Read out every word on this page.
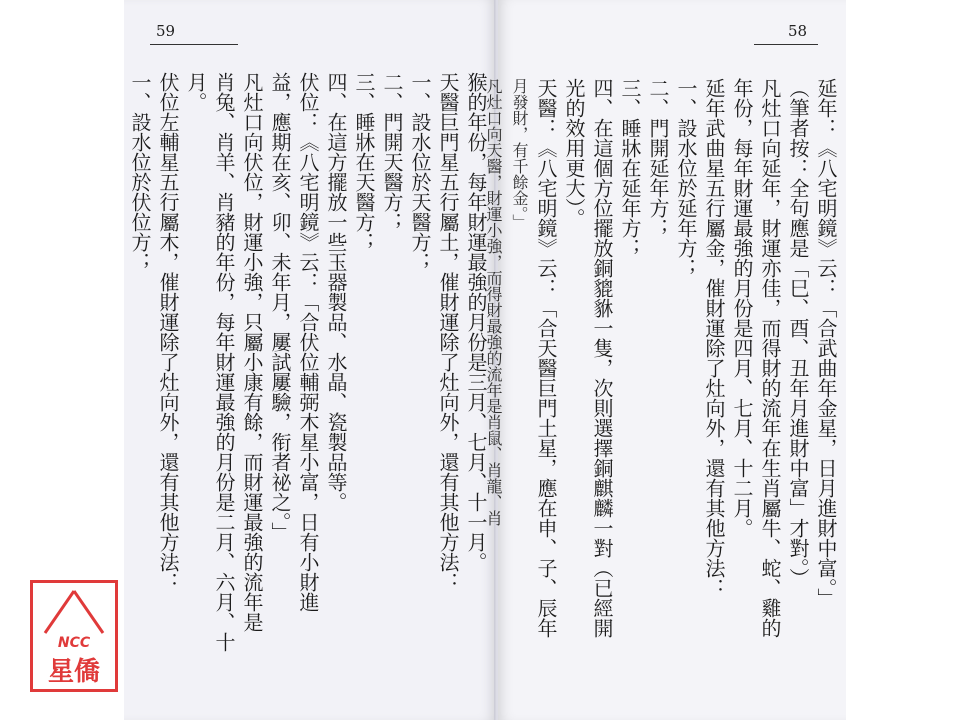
59
猴的年份，每年財運最強的月份是三月、七月、十一月。
天醫巨門星五行屬土，催財運除了灶向外，還有其他方法：
一、設水位於天醫方；
二、門開天醫方；
三、睡牀在天醫方；
四、在這方擺放一些玉器製品、水晶、瓷製品等。
伏位：《八宅明鏡》云：「合伏位輔弼木星小富，日有小財進
益，應期在亥、卯、未年月，屢試屢驗，衔者祕之。」
凡灶口向伏位，財運小強，只屬小康有餘，而財運最強的流年是
肖兔、肖羊、肖豬的年份，每年財運最強的月份是二月、六月、十
月。
伏位左輔星五行屬木，催財運除了灶向外，還有其他方法：
一、設水位於伏位方；
58
延年：《八宅明鏡》云：「合武曲年金星，日月進財中富。」
（筆者按：全句應是「巳、酉、丑年月進財中富」才對。）
凡灶口向延年，財運亦佳，而得財的流年在生肖屬牛、蛇、雞的
年份，每年財運最強的月份是四月、七月、十二月。
延年武曲星五行屬金，催財運除了灶向外，還有其他方法：
一、設水位於延年方；
二、門開延年方；
三、睡牀在延年方；
四、在這個方位擺放銅貔貅一隻，次則選擇銅麒麟一對（已經開
光的效用更大）。
天醫：《八宅明鏡》云：「合天醫巨門土星，應在申、子、辰年
月發財，有千餘金。」
凡灶口向天醫，財運小強，而得財最強的流年是肖鼠、肖龍、肖
NCC
星僑
